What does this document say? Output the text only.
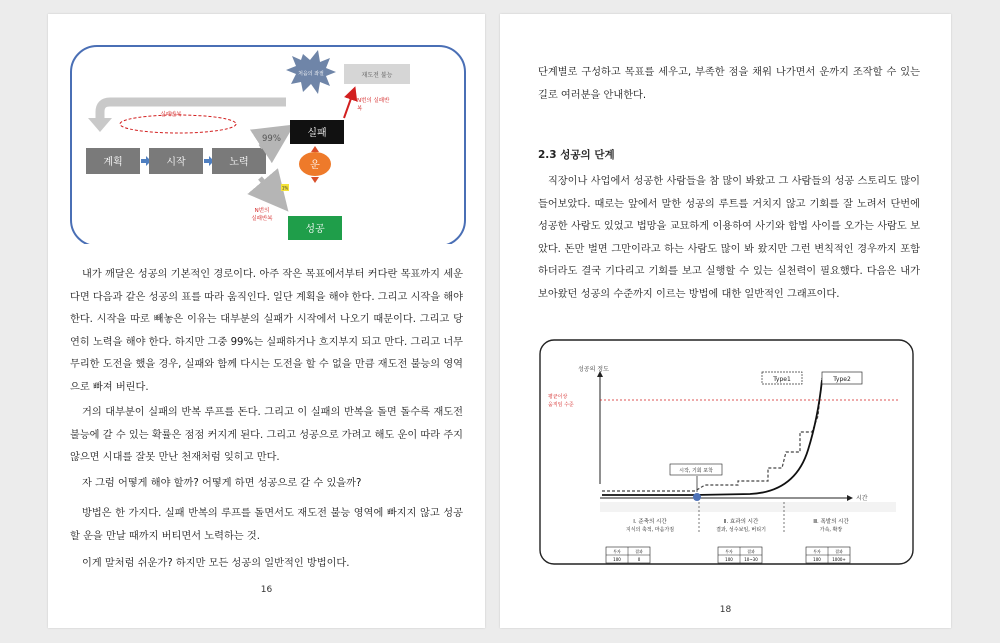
실패반복
계획	시작	노력
99%
1%
실패
운
성공
N번의
실패반복
처음의 좌절	재도전 불능
N번의 실패반
복

내가 깨달은 성공의 기본적인 경로이다. 아주 작은 목표에서부터 커다란 목표까지 세운다면 다음과 같은 성공의 표를 따라 움직인다. 일단 계획을 해야 한다. 그리고 시작을 해야 한다. 시작을 따로 빼놓은 이유는 대부분의 실패가 시작에서 나오기 때문이다. 그리고 당연히 노력을 해야 한다. 하지만 그중 99%는 실패하거나 흐지부지 되고 만다. 그리고 너무 무리한 도전을 했을 경우, 실패와 함께 다시는 도전을 할 수 없을 만큼 재도전 불능의 영역으로 빠져 버린다.

거의 대부분이 실패의 반복 루프를 돈다. 그리고 이 실패의 반복을 돌면 돌수록 재도전 불능에 갈 수 있는 확률은 점점 커지게 된다. 그리고 성공으로 가려고 해도 운이 따라 주지 않으면 시대를 잘못 만난 천재처럼 잊히고 만다.

자 그럼 어떻게 해야 할까? 어떻게 하면 성공으로 갈 수 있을까?

방법은 한 가지다. 실패 반복의 루프를 돌면서도 재도전 불능 영역에 빠지지 않고 성공할 운을 만날 때까지 버티면서 노력하는 것.

이게 말처럼 쉬운가? 하지만 모든 성공의 일반적인 방법이다.

16

단계별로 구성하고 목표를 세우고, 부족한 점을 채워 나가면서 운까지 조작할 수 있는 길로 여러분을 안내한다.

2.3 성공의 단계

직장이나 사업에서 성공한 사람들을 참 많이 봐왔고 그 사람들의 성공 스토리도 많이 들어보았다. 때로는 앞에서 말한 성공의 루트를 거치지 않고 기회를 잘 노려서 단번에 성공한 사람도 있었고 법망을 교묘하게 이용하여 사기와 합법 사이를 오가는 사람도 보았다. 돈만 벌면 그만이라고 하는 사람도 많이 봐 왔지만 그런 변칙적인 경우까지 포함하더라도 결국 기다리고 기회를 보고 실행할 수 있는 실천력이 필요했다. 다음은 내가 보아왔던 성공의 수준까지 이르는 방법에 대한 일반적인 그래프이다.

성공의 정도
시간
평균이상
움직임 수준
시작, 기회 포착
Type1	Type2
Ⅰ. 준축의 시간
지식의 축적, 마음가짐
Ⅱ. 효과의 시간
결과, 성수보임, 버티기
Ⅲ. 폭발의 시간
가속, 확장
투자	결과
100	0
투자	결과
100	10~30
투자	결과
100	1000+
18
